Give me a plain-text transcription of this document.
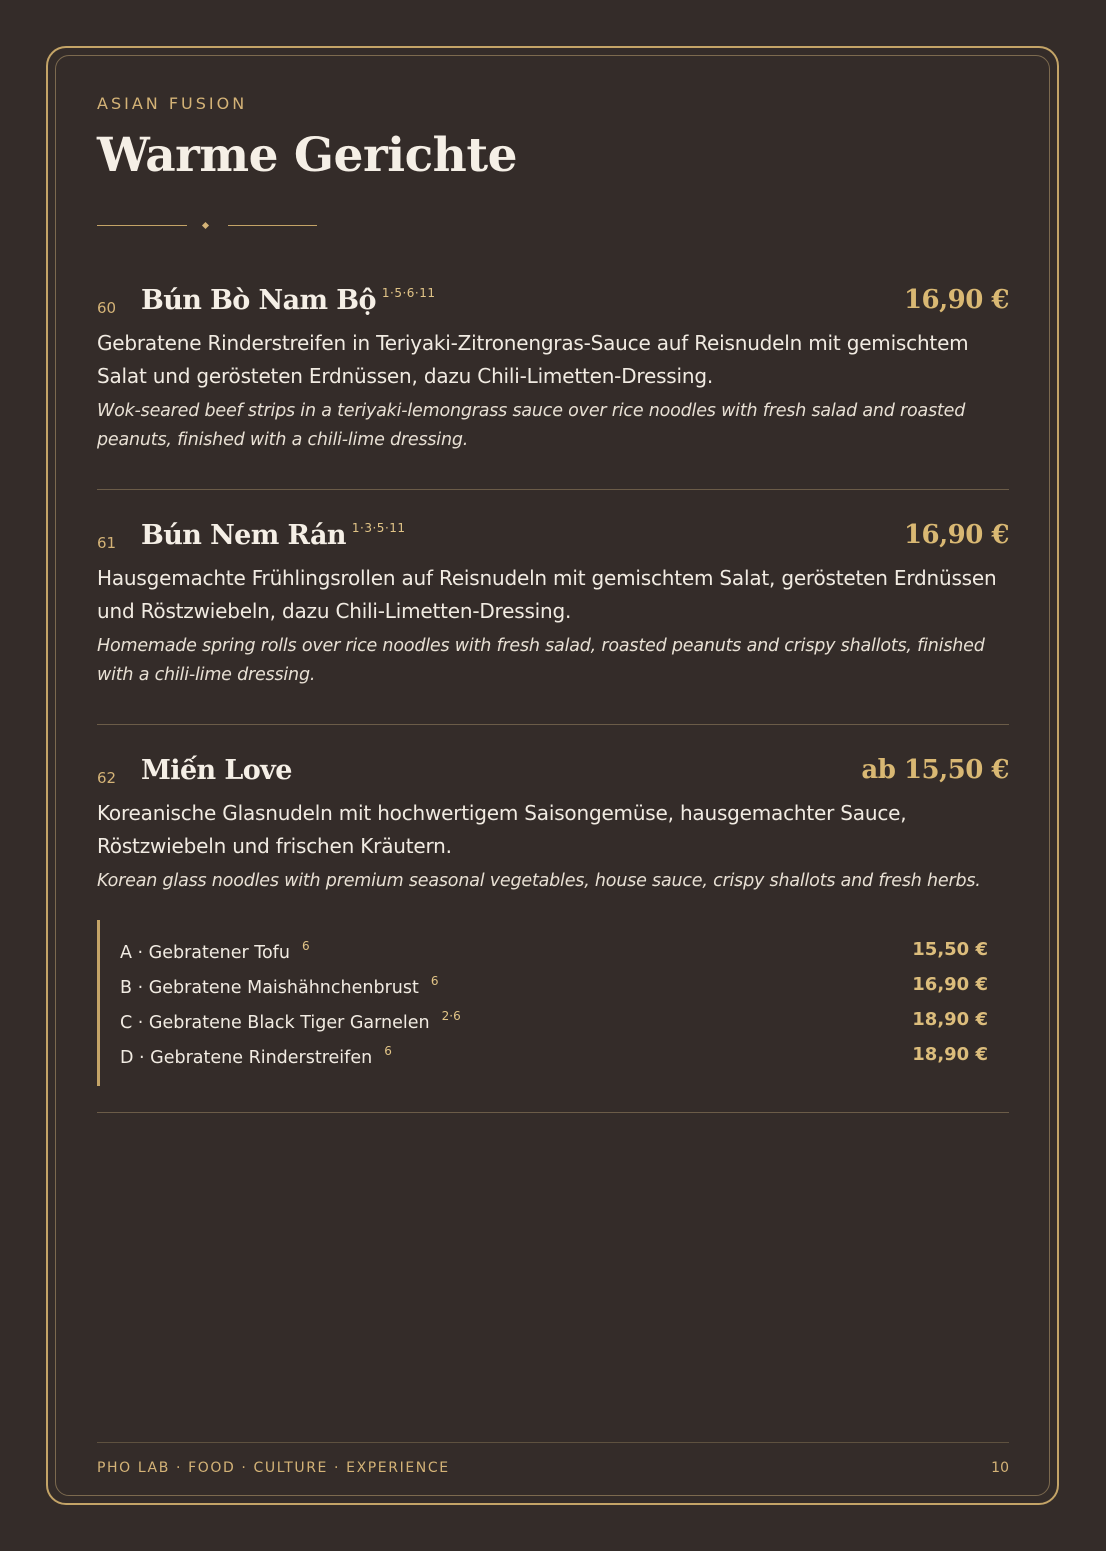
ASIAN FUSION
Warme Gerichte
60 Bún Bò Nam Bộ $^{1\cdot 5\cdot 6\cdot 11}$	16,90 €

Gebratene Rinderstreifen in Teriyaki-Zitronengras-Sauce auf Reisnudeln mit gemischtem Salat und gerösteten Erdnüssen, dazu Chili-Limetten-Dressing.

Wok-seared beef strips in a teriyaki-lemongrass sauce over rice noodles with fresh salad and roasted peanuts, finished with a chili-lime dressing.

61 Bún Nem Rán $^{1\cdot 3\cdot 5\cdot 11}$	16,90 €

Hausgemachte Frühlingsrollen auf Reisnudeln mit gemischtem Salat, gerösteten Erdnüssen und Röstzwiebeln, dazu Chili-Limetten-Dressing.

Homemade spring rolls over rice noodles with fresh salad, roasted peanuts and crispy shallots, finished with a chili-lime dressing.

62 Miến Love	ab 15,50 €

Koreanische Glasnudeln mit hochwertigem Saisongemüse, hausgemachter Sauce, Röstzwiebeln und frischen Kräutern.

Korean glass noodles with premium seasonal vegetables, house sauce, crispy shallots and fresh herbs.

A · Gebratener Tofu $^6$	15,50 €
B · Gebratene Maishähnchenbrust $^6$	16,90 €
C · Gebratene Black Tiger Garnelen $^{2\cdot 6}$	18,90 €
D · Gebratene Rinderstreifen $^6$	18,90 €
PHO LAB · FOOD · CULTURE · EXPERIENCE	10
